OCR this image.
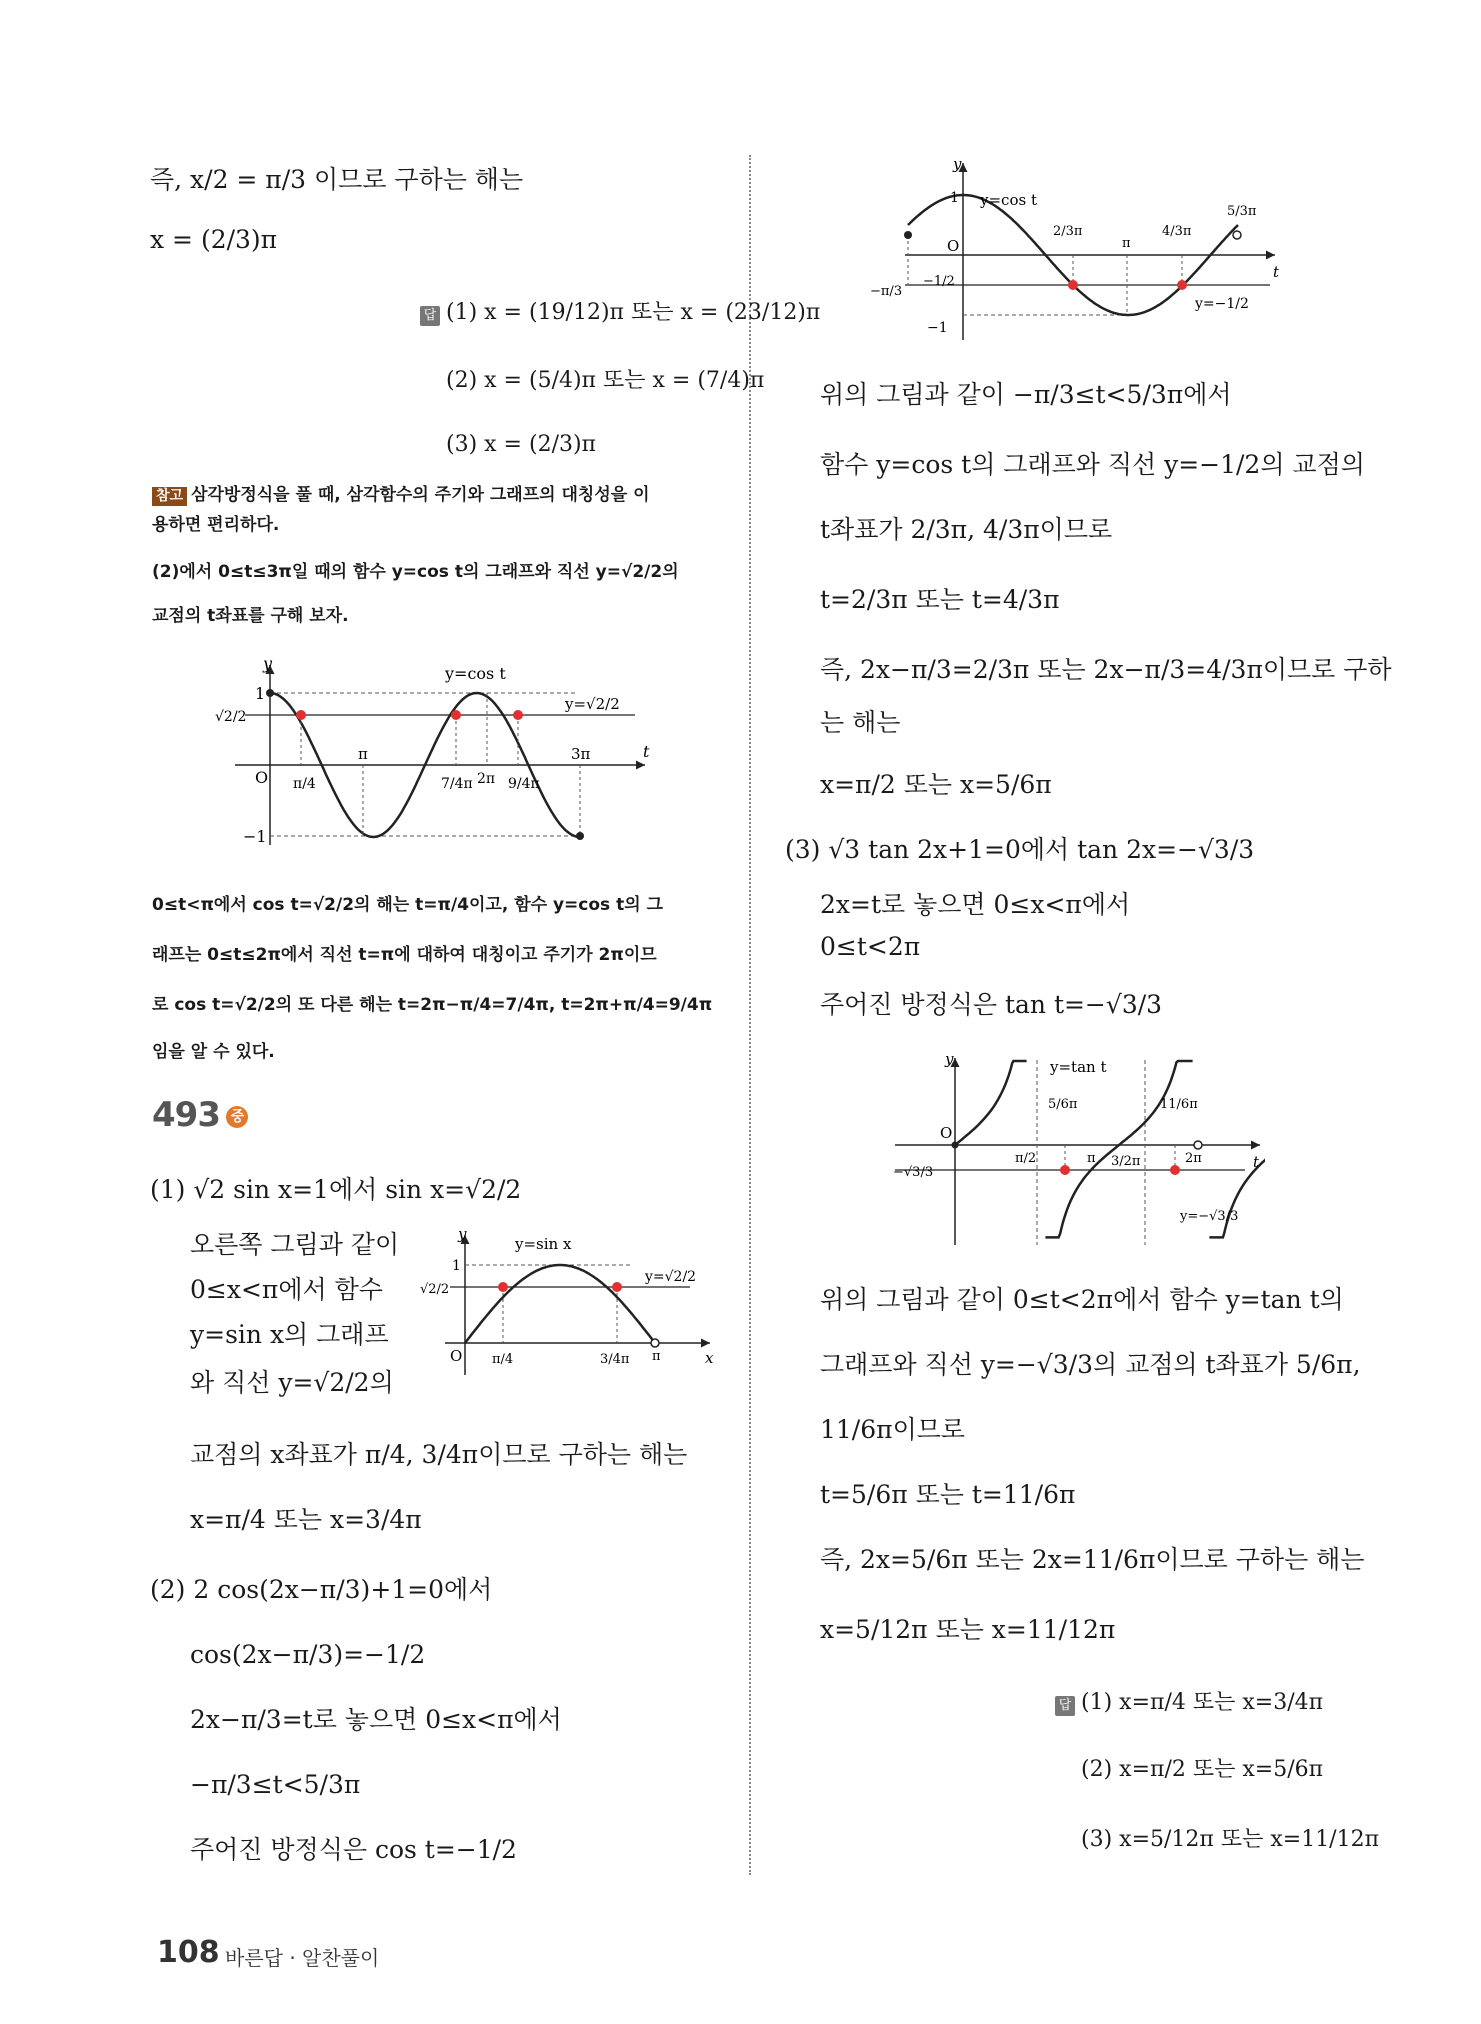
즉, x/2 = π/3 이므로 구하는 해는
x = (2/3)π
답 (1) x = (19/12)π 또는 x = (23/12)π
(2) x = (5/4)π 또는 x = (7/4)π
(3) x = (2/3)π
참고 삼각방정식을 풀 때, 삼각함수의 주기와 그래프의 대칭성을 이
용하면 편리하다.
(2)에서 0≤t≤3π일 때의 함수 y=cos t의 그래프와 직선 y=√2/2의
교점의 t좌표를 구해 보자.
y
t
O
1
−1
√2/2
y=cos t
y=√2/2
π/4
π
7/4π 2π 9/4π
3π
0≤t<π에서 cos t=√2/2의 해는 t=π/4이고, 함수 y=cos t의 그
래프는 0≤t≤2π에서 직선 t=π에 대하여 대칭이고 주기가 2π이므
로 cos t=√2/2의 또 다른 해는 t=2π−π/4=7/4π, t=2π+π/4=9/4π
임을 알 수 있다.
493 중
(1) √2 sin x=1에서 sin x=√2/2
오른쪽 그림과 같이
0≤x<π에서 함수
y=sin x의 그래프
와 직선 y=√2/2의
y
x
O
1
√2/2
y=sin x
y=√2/2
π/4	3/4π π
교점의 x좌표가 π/4, 3/4π이므로 구하는 해는
x=π/4 또는 x=3/4π
(2) 2 cos(2x−π/3)+1=0에서
cos(2x−π/3)=−1/2
2x−π/3=t로 놓으면 0≤x<π에서
−π/3≤t<5/3π
주어진 방정식은 cos t=−1/2
y
t
O
1
−1
−1/2
y=cos t
y=−1/2
−π/3
2/3π
π
4/3π
5/3π
위의 그림과 같이 −π/3≤t<5/3π에서
함수 y=cos t의 그래프와 직선 y=−1/2의 교점의
t좌표가 2/3π, 4/3π이므로
t=2/3π 또는 t=4/3π
즉, 2x−π/3=2/3π 또는 2x−π/3=4/3π이므로 구하
는 해는
x=π/2 또는 x=5/6π
(3) √3 tan 2x+1=0에서 tan 2x=−√3/3
2x=t로 놓으면 0≤x<π에서
0≤t<2π
주어진 방정식은 tan t=−√3/3
y
t
O
−√3/3
y=tan t
y=−√3/3
π/2
5/6π
π 3/2π
11/6π
2π
위의 그림과 같이 0≤t<2π에서 함수 y=tan t의
그래프와 직선 y=−√3/3의 교점의 t좌표가 5/6π,
11/6π이므로
t=5/6π 또는 t=11/6π
즉, 2x=5/6π 또는 2x=11/6π이므로 구하는 해는
x=5/12π 또는 x=11/12π
답 (1) x=π/4 또는 x=3/4π
(2) x=π/2 또는 x=5/6π
(3) x=5/12π 또는 x=11/12π
108 바른답 · 알찬풀이
